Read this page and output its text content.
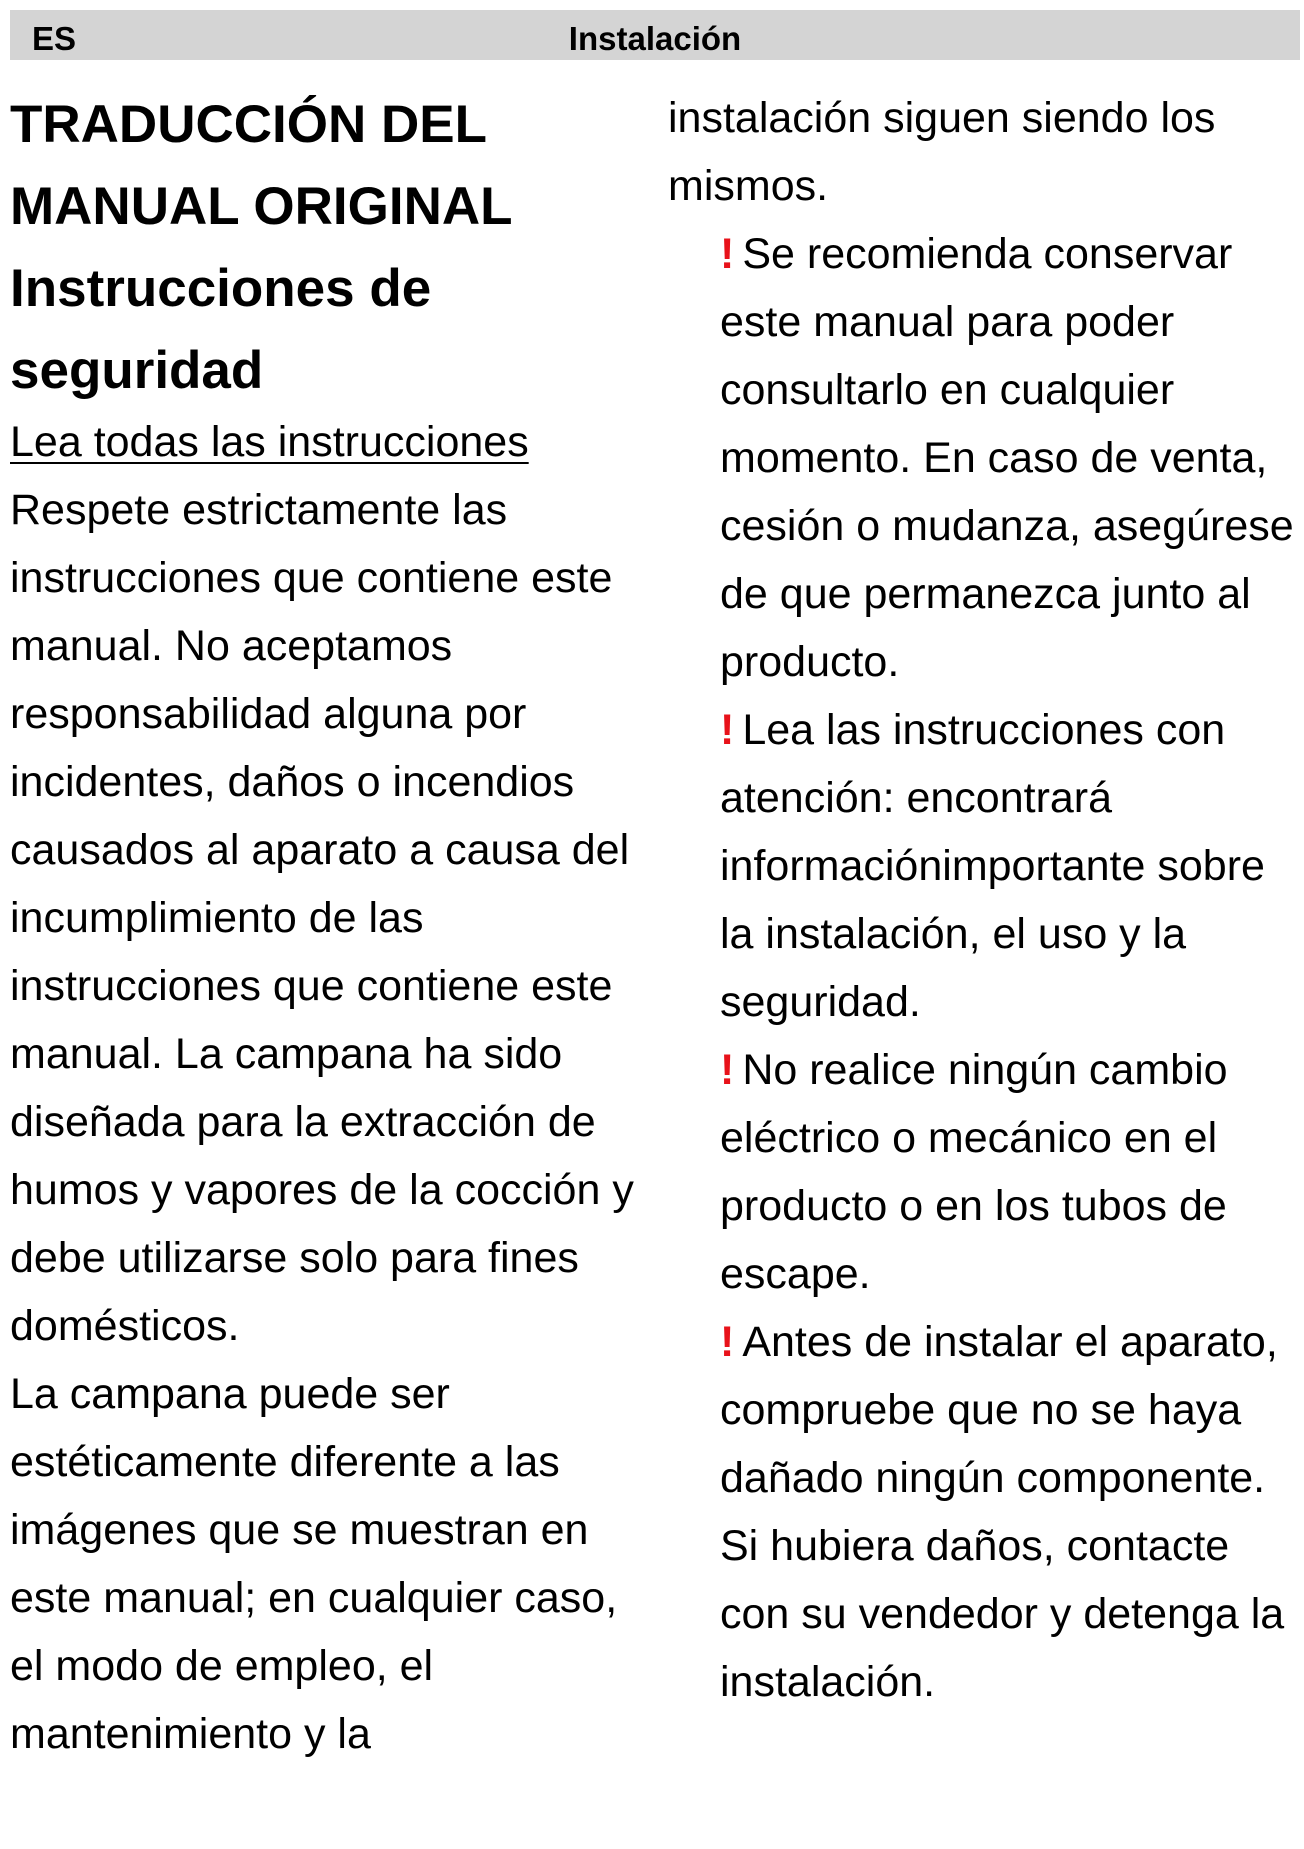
ES	Instalación
TRADUCCIÓN DEL MANUAL ORIGINAL
Instrucciones de seguridad

Lea todas las instrucciones

Respete estrictamente las instrucciones que contiene este manual. No aceptamos responsabilidad alguna por incidentes, daños o incendios causados al aparato a causa del incumplimiento de las instrucciones que contiene este manual. La campana ha sido diseñada para la extracción de humos y vapores de la cocción y debe utilizarse solo para fines domésticos.

La campana puede ser estéticamente diferente a las imágenes que se muestran en este manual; en cualquier caso, el modo de empleo, el mantenimiento y la

instalación siguen siendo los mismos.

! Se recomienda conservar este manual para poder consultarlo en cualquier momento. En caso de venta, cesión o mudanza, asegúrese de que permanezca junto al producto.

! Lea las instrucciones con atención: encontrará informaciónimportante sobre la instalación, el uso y la seguridad.

! No realice ningún cambio eléctrico o mecánico en el producto o en los tubos de escape.

! Antes de instalar el aparato, compruebe que no se haya dañado ningún componente. Si hubiera daños, contacte con su vendedor y detenga la instalación.
